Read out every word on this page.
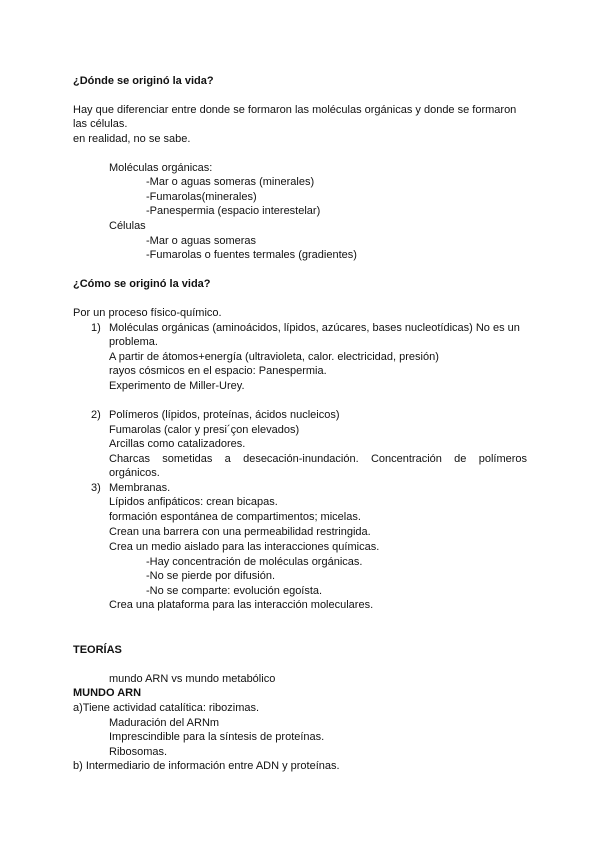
¿Dónde se originó la vida?
Hay que diferenciar entre donde se formaron las moléculas orgánicas y donde se formaron
las células.
en realidad, no se sabe.
Moléculas orgánicas:
-Mar o aguas someras (minerales)
-Fumarolas(minerales)
-Panespermia (espacio interestelar)
Células
-Mar o aguas someras
-Fumarolas o fuentes termales (gradientes)
¿Cómo se originó la vida?
Por un proceso físico-químico.
1) Moléculas orgánicas (aminoácidos, lípidos, azúcares, bases nucleotídicas) No es un
problema.
A partir de átomos+energía (ultravioleta, calor. electricidad, presión)
rayos cósmicos en el espacio: Panespermia.
Experimento de Miller-Urey.
2) Polímeros (lípidos, proteínas, ácidos nucleicos)
Fumarolas (calor y presi´çon elevados)
Arcillas como catalizadores.
Charcas sometidas a desecación-inundación. Concentración de polímeros
orgánicos.
3) Membranas.
Lípidos anfipáticos: crean bicapas.
formación espontánea de compartimentos; micelas.
Crean una barrera con una permeabilidad restringida.
Crea un medio aislado para las interacciones químicas.
-Hay concentración de moléculas orgánicas.
-No se pierde por difusión.
-No se comparte: evolución egoísta.
Crea una plataforma para las interacción moleculares.
TEORÍAS
mundo ARN vs mundo metabólico
MUNDO ARN
a)Tiene actividad catalítica: ribozimas.
Maduración del ARNm
Imprescindible para la síntesis de proteínas.
Ribosomas.
b) Intermediario de información entre ADN y proteínas.
